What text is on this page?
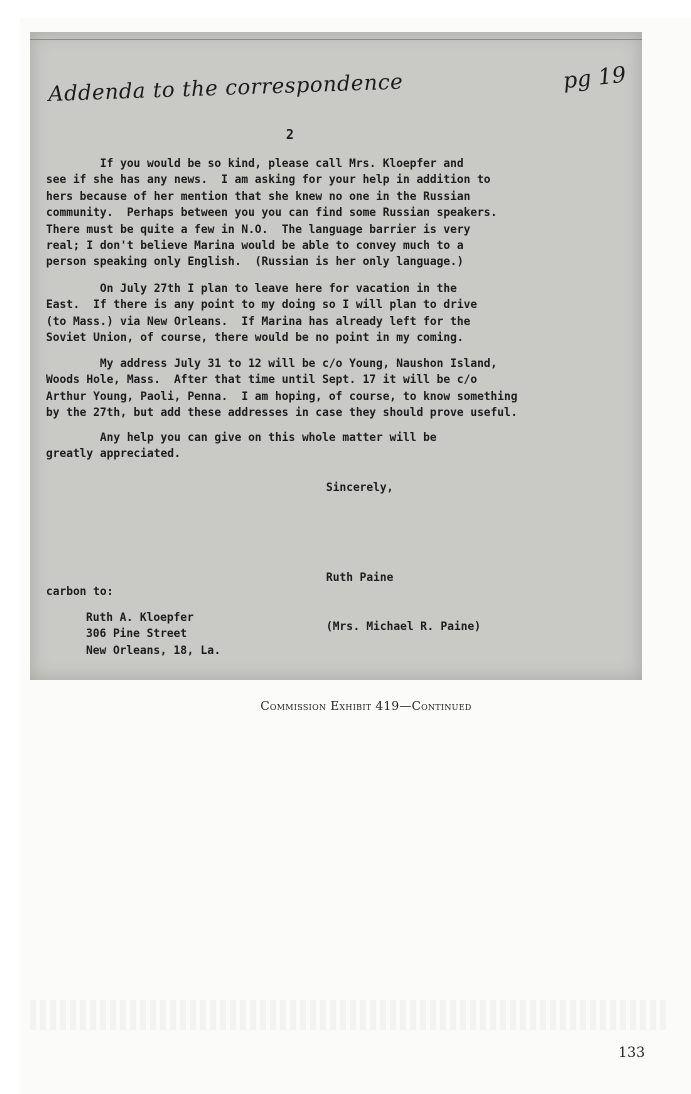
Addenda to the correspondence	pg 19
2
If you would be so kind, please call Mrs. Kloepfer and
see if she has any news.  I am asking for your help in addition to
hers because of her mention that she knew no one in the Russian
community.  Perhaps between you you can find some Russian speakers.
There must be quite a few in N.O.  The language barrier is very
real; I don't believe Marina would be able to convey much to a
person speaking only English.  (Russian is her only language.)
On July 27th I plan to leave here for vacation in the
East.  If there is any point to my doing so I will plan to drive
(to Mass.) via New Orleans.  If Marina has already left for the
Soviet Union, of course, there would be no point in my coming.
My address July 31 to 12 will be c/o Young, Naushon Island,
Woods Hole, Mass.  After that time until Sept. 17 it will be c/o
Arthur Young, Paoli, Penna.  I am hoping, of course, to know something
by the 27th, but add these addresses in case they should prove useful.
Any help you can give on this whole matter will be
greatly appreciated.
Sincerely,

Ruth Paine

(Mrs. Michael R. Paine)

carbon to:
Ruth A. Kloepfer
306 Pine Street
New Orleans, 18, La.
Commission Exhibit 419—Continued
133
